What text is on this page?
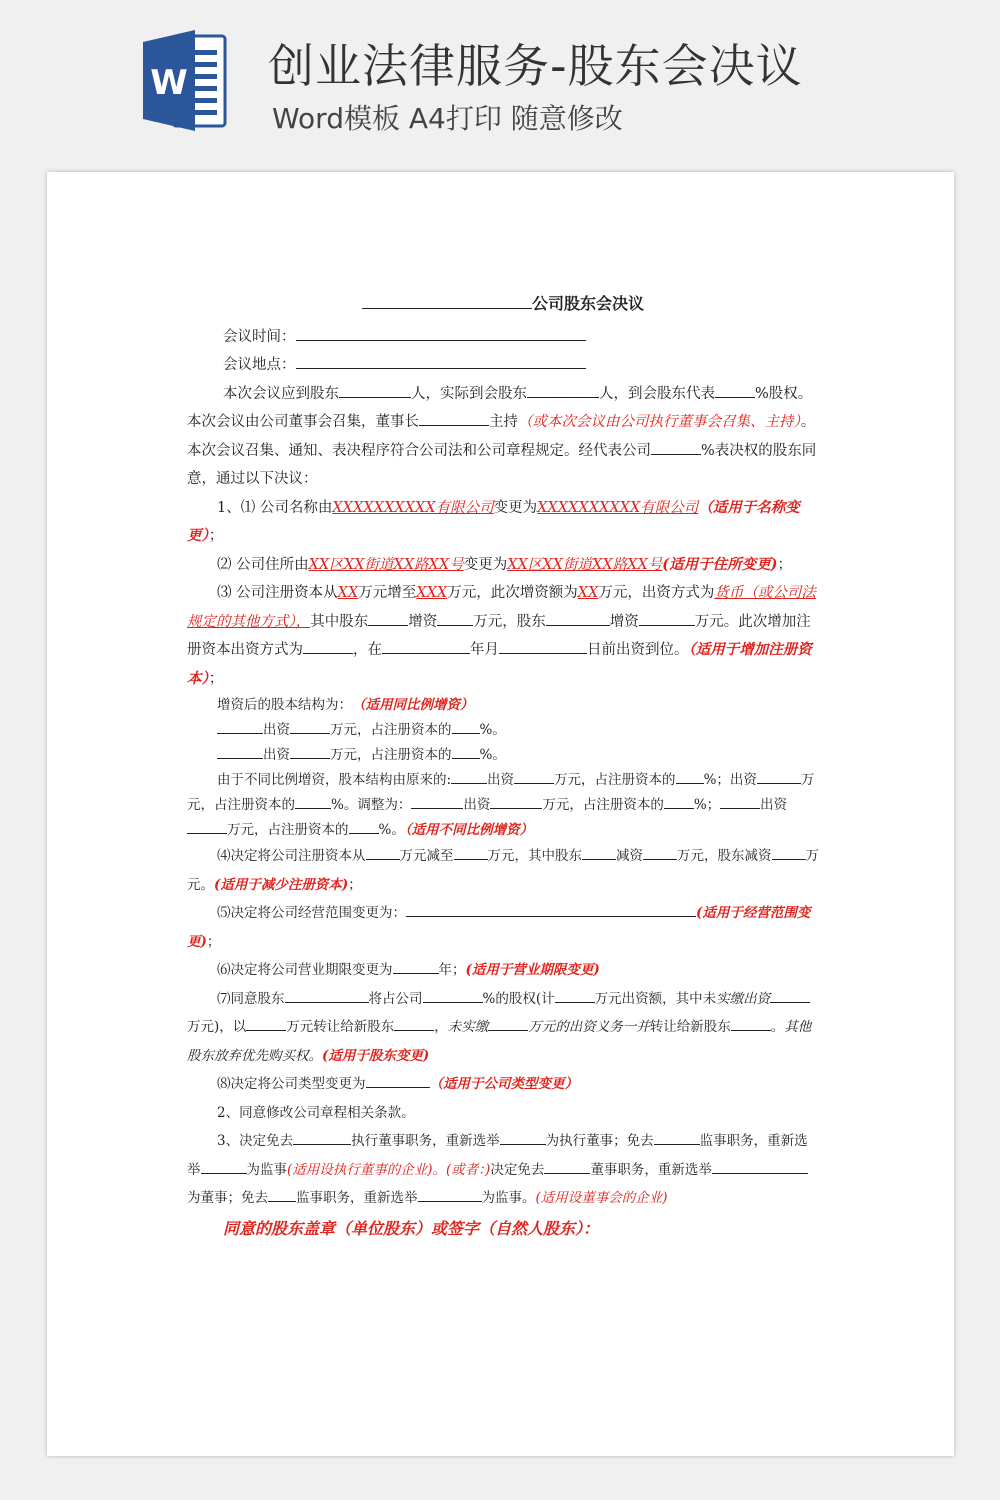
W 创业法律服务-股东会决议
Word模板 A4打印 随意修改

公司股东会决议

会议时间：

会议地点：

本次会议应到股东	人，实际到会股东	人，到会股东代表	%股权。本次会议由公司董事会召集，董事长	主持（或本次会议由公司执行董事会召集、主持）。本次会议召集、通知、表决程序符合公司法和公司章程规定。经代表公司	%表决权的股东同意，通过以下决议：

1、⑴ 公司名称由XXXXXXXXXX有限公司变更为XXXXXXXXXX有限公司（适用于名称变更）；

⑵ 公司住所由XX区XX街道XX路XX号变更为XX区XX街道XX路XX号(适用于住所变更)；

⑶ 公司注册资本从XX万元增至XXX万元，此次增资额为XX万元，出资方式为货币（或公司法规定的其他方式），其中股东	增资 万元，股东	增资	万元。此次增加注册资本出资方式为	，在	年月	日前出资到位。（适用于增加注册资本）；

增资后的股本结构为：（适用同比例增资）

出资	万元，占注册资本的 %。

出资	万元，占注册资本的 %。

由于不同比例增资，股本结构由原来的:	出资	万元，占注册资本的 %；出资	万元，占注册资本的	%。调整为：	出资	万元，占注册资本的 %；	出资万元，占注册资本的 %。（适用不同比例增资）

⑷决定将公司注册资本从	万元减至	万元，其中股东	减资	万元，股东减资	万元。(适用于减少注册资本)；

⑸决定将公司经营范围变更为：	(适用于经营范围变更)；

⑹决定将公司营业期限变更为	年；(适用于营业期限变更)

⑺同意股东	将占公司	%的股权(计	万元出资额，其中未实缴出资万元)，以	万元转让给新股东	，未实缴	万元的出资义务一并转让给新股东	。其他股东放弃优先购买权。(适用于股东变更)

⑻决定将公司类型变更为	（适用于公司类型变更）

2、同意修改公司章程相关条款。

3、决定免去	执行董事职务，重新选举	为执行董事；免去	监事职务，重新选举	为监事(适用设执行董事的企业)。(或者：)决定免去	董事职务，重新选举为董事；免去 监事职务，重新选举	为监事。(适用设董事会的企业)

同意的股东盖章（单位股东）或签字（自然人股东）：
